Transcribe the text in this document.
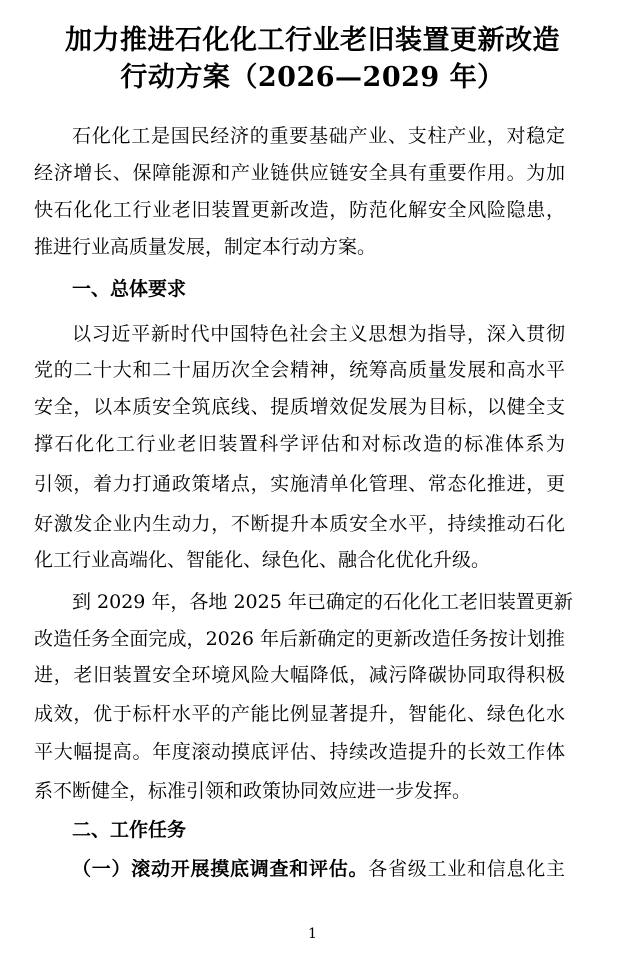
加力推进石化化工行业老旧装置更新改造
行动方案（2026—2029 年）
石化化工是国民经济的重要基础产业、支柱产业，对稳定
经济增长、保障能源和产业链供应链安全具有重要作用。为加
快石化化工行业老旧装置更新改造，防范化解安全风险隐患，
推进行业高质量发展，制定本行动方案。
一、总体要求
以习近平新时代中国特色社会主义思想为指导，深入贯彻
党的二十大和二十届历次全会精神，统筹高质量发展和高水平
安全，以本质安全筑底线、提质增效促发展为目标，以健全支
撑石化化工行业老旧装置科学评估和对标改造的标准体系为
引领，着力打通政策堵点，实施清单化管理、常态化推进，更
好激发企业内生动力，不断提升本质安全水平，持续推动石化
化工行业高端化、智能化、绿色化、融合化优化升级。
到 2029 年，各地 2025 年已确定的石化化工老旧装置更新
改造任务全面完成，2026 年后新确定的更新改造任务按计划推
进，老旧装置安全环境风险大幅降低，减污降碳协同取得积极
成效，优于标杆水平的产能比例显著提升，智能化、绿色化水
平大幅提高。年度滚动摸底评估、持续改造提升的长效工作体
系不断健全，标准引领和政策协同效应进一步发挥。
二、工作任务
（一）滚动开展摸底调查和评估。各省级工业和信息化主
1
